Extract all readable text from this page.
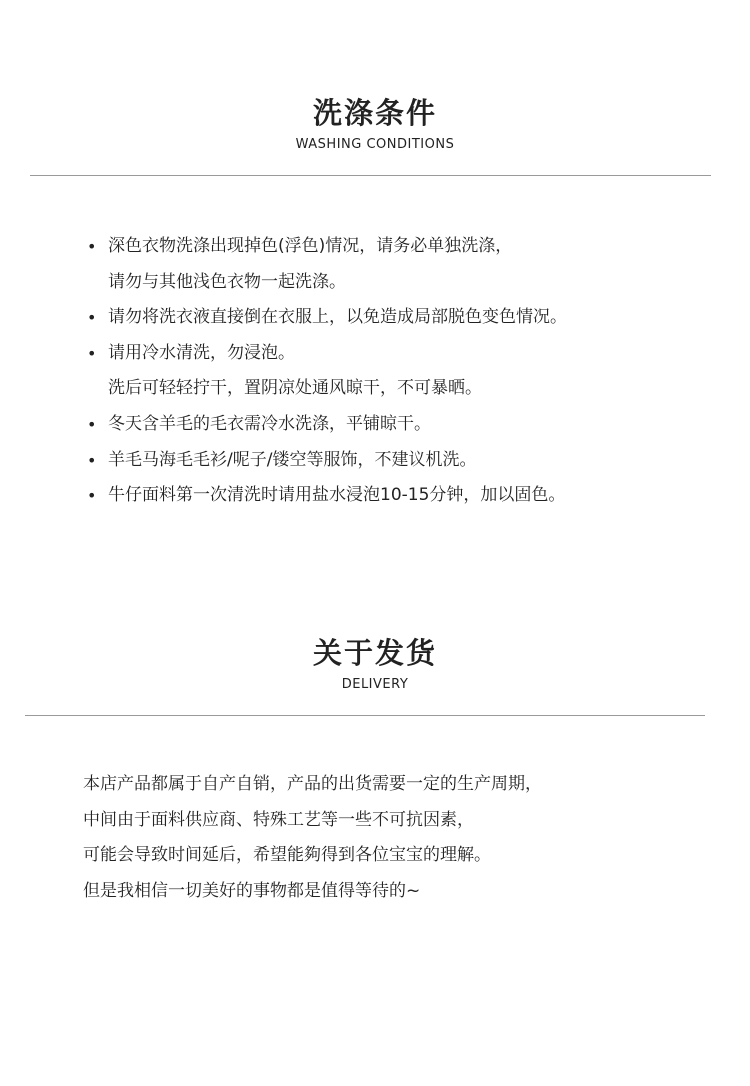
洗涤条件
WASHING CONDITIONS
• 深色衣物洗涤出现掉色(浮色)情况，请务必单独洗涤，
请勿与其他浅色衣物一起洗涤。
• 请勿将洗衣液直接倒在衣服上，以免造成局部脱色变色情况。
• 请用冷水清洗，勿浸泡。
洗后可轻轻拧干，置阴凉处通风晾干，不可暴晒。
• 冬天含羊毛的毛衣需冷水洗涤，平铺晾干。
• 羊毛马海毛毛衫/呢子/镂空等服饰，不建议机洗。
• 牛仔面料第一次清洗时请用盐水浸泡10-15分钟，加以固色。
关于发货
DELIVERY
本店产品都属于自产自销，产品的出货需要一定的生产周期，
中间由于面料供应商、特殊工艺等一些不可抗因素，
可能会导致时间延后，希望能夠得到各位宝宝的理解。
但是我相信一切美好的事物都是值得等待的~
